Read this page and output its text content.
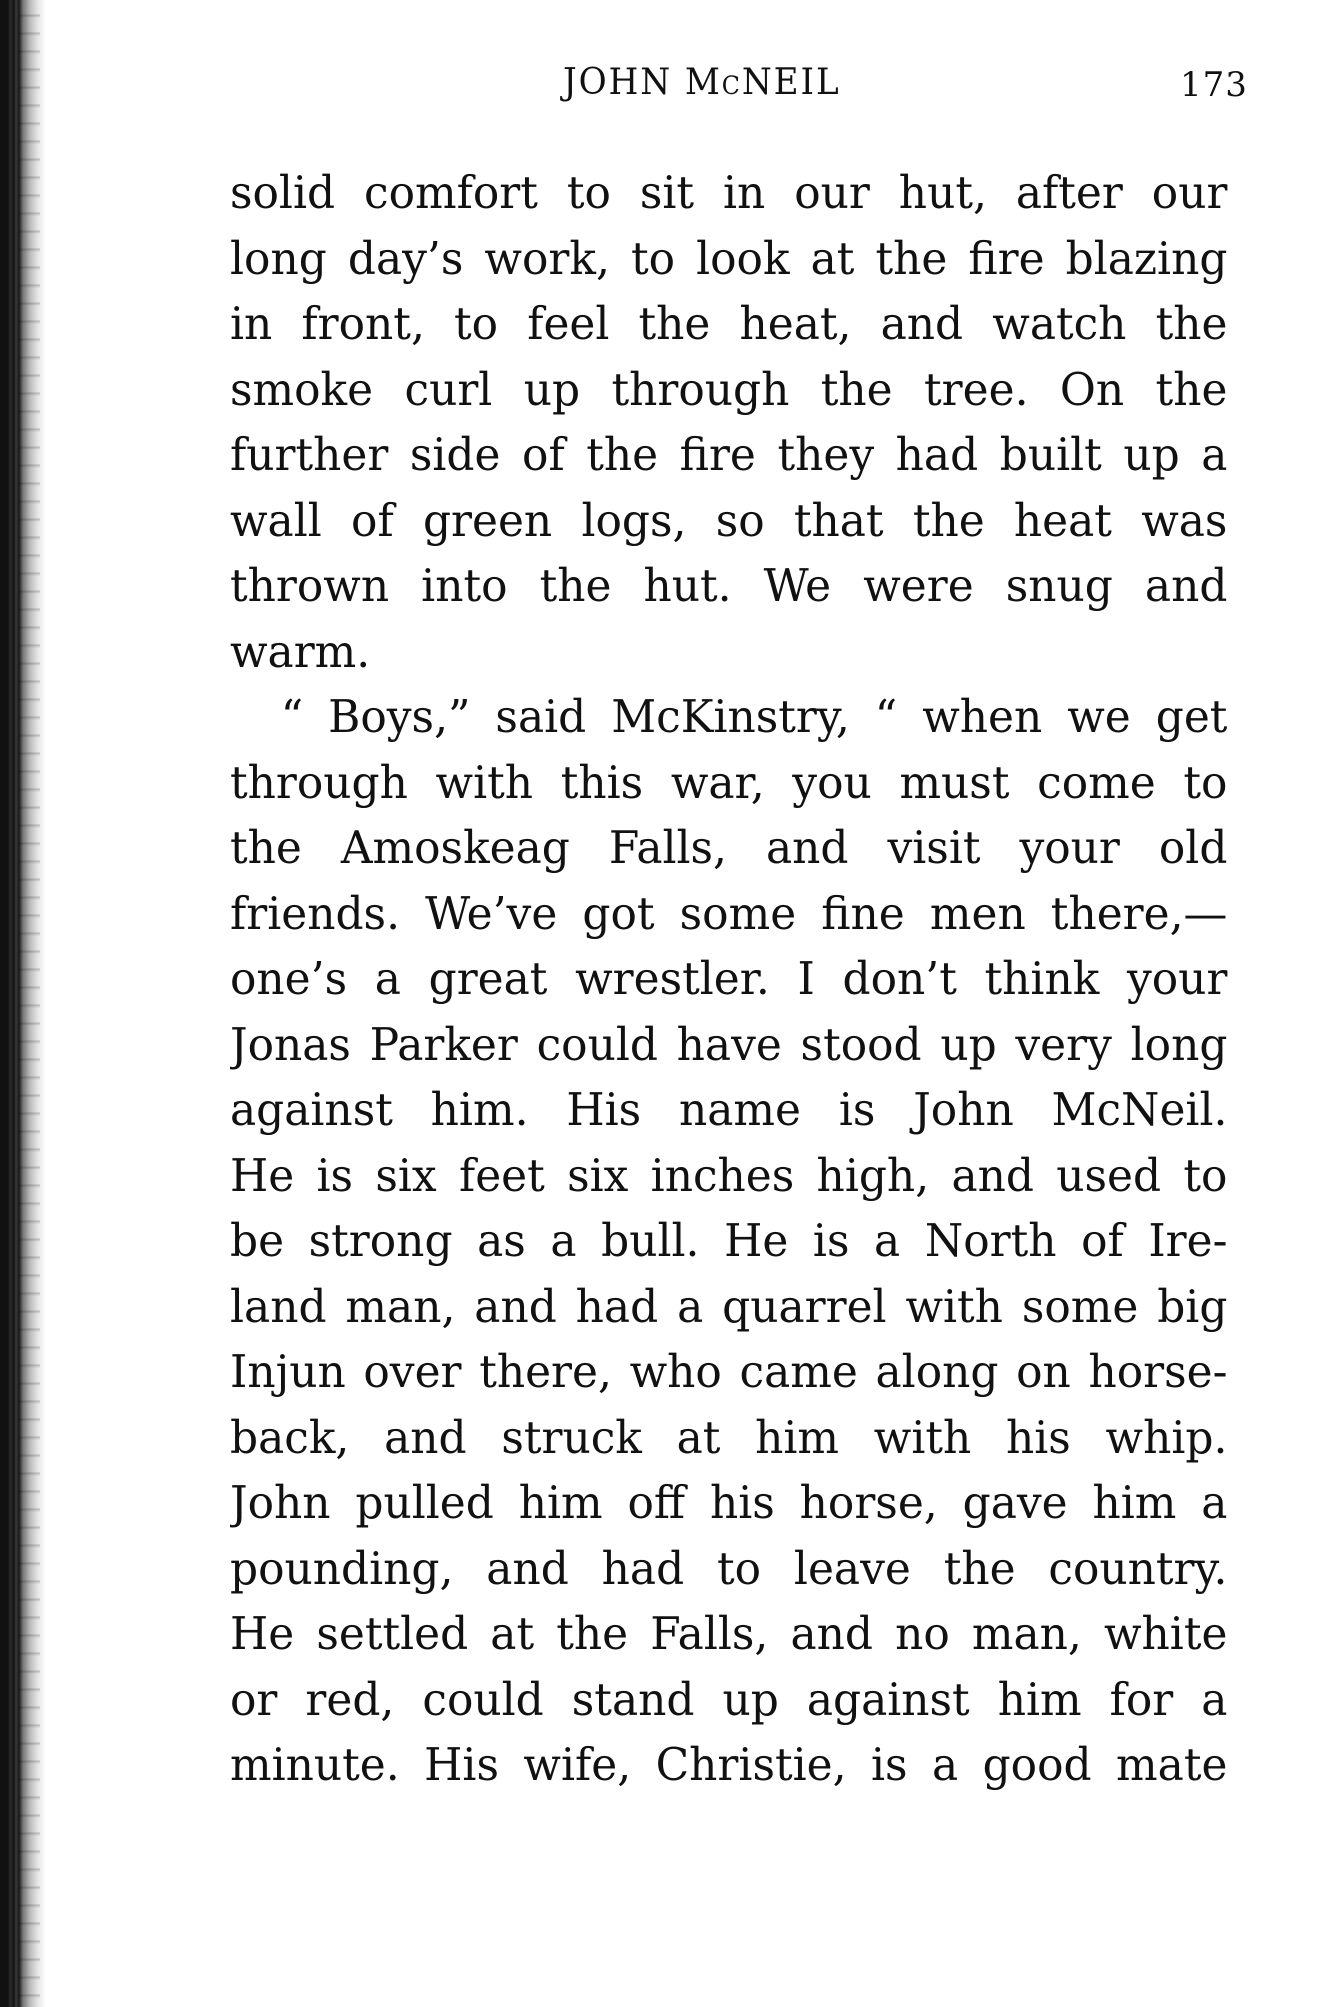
JOHN McNEIL	173
solid comfort to sit in our hut, after our
long day’s work, to look at the fire blazing
in front, to feel the heat, and watch the
smoke curl up through the tree. On the
further side of the fire they had built up a
wall of green logs, so that the heat was
thrown into the hut. We were snug and
warm.
“ Boys,” said McKinstry, “ when we get
through with this war, you must come to
the Amoskeag Falls, and visit your old
friends. We’ve got some fine men there,—
one’s a great wrestler. I don’t think your
Jonas Parker could have stood up very long
against him. His name is John McNeil.
He is six feet six inches high, and used to
be strong as a bull. He is a North of Ire-
land man, and had a quarrel with some big
Injun over there, who came along on horse-
back, and struck at him with his whip.
John pulled him off his horse, gave him a
pounding, and had to leave the country.
He settled at the Falls, and no man, white
or red, could stand up against him for a
minute. His wife, Christie, is a good mate
